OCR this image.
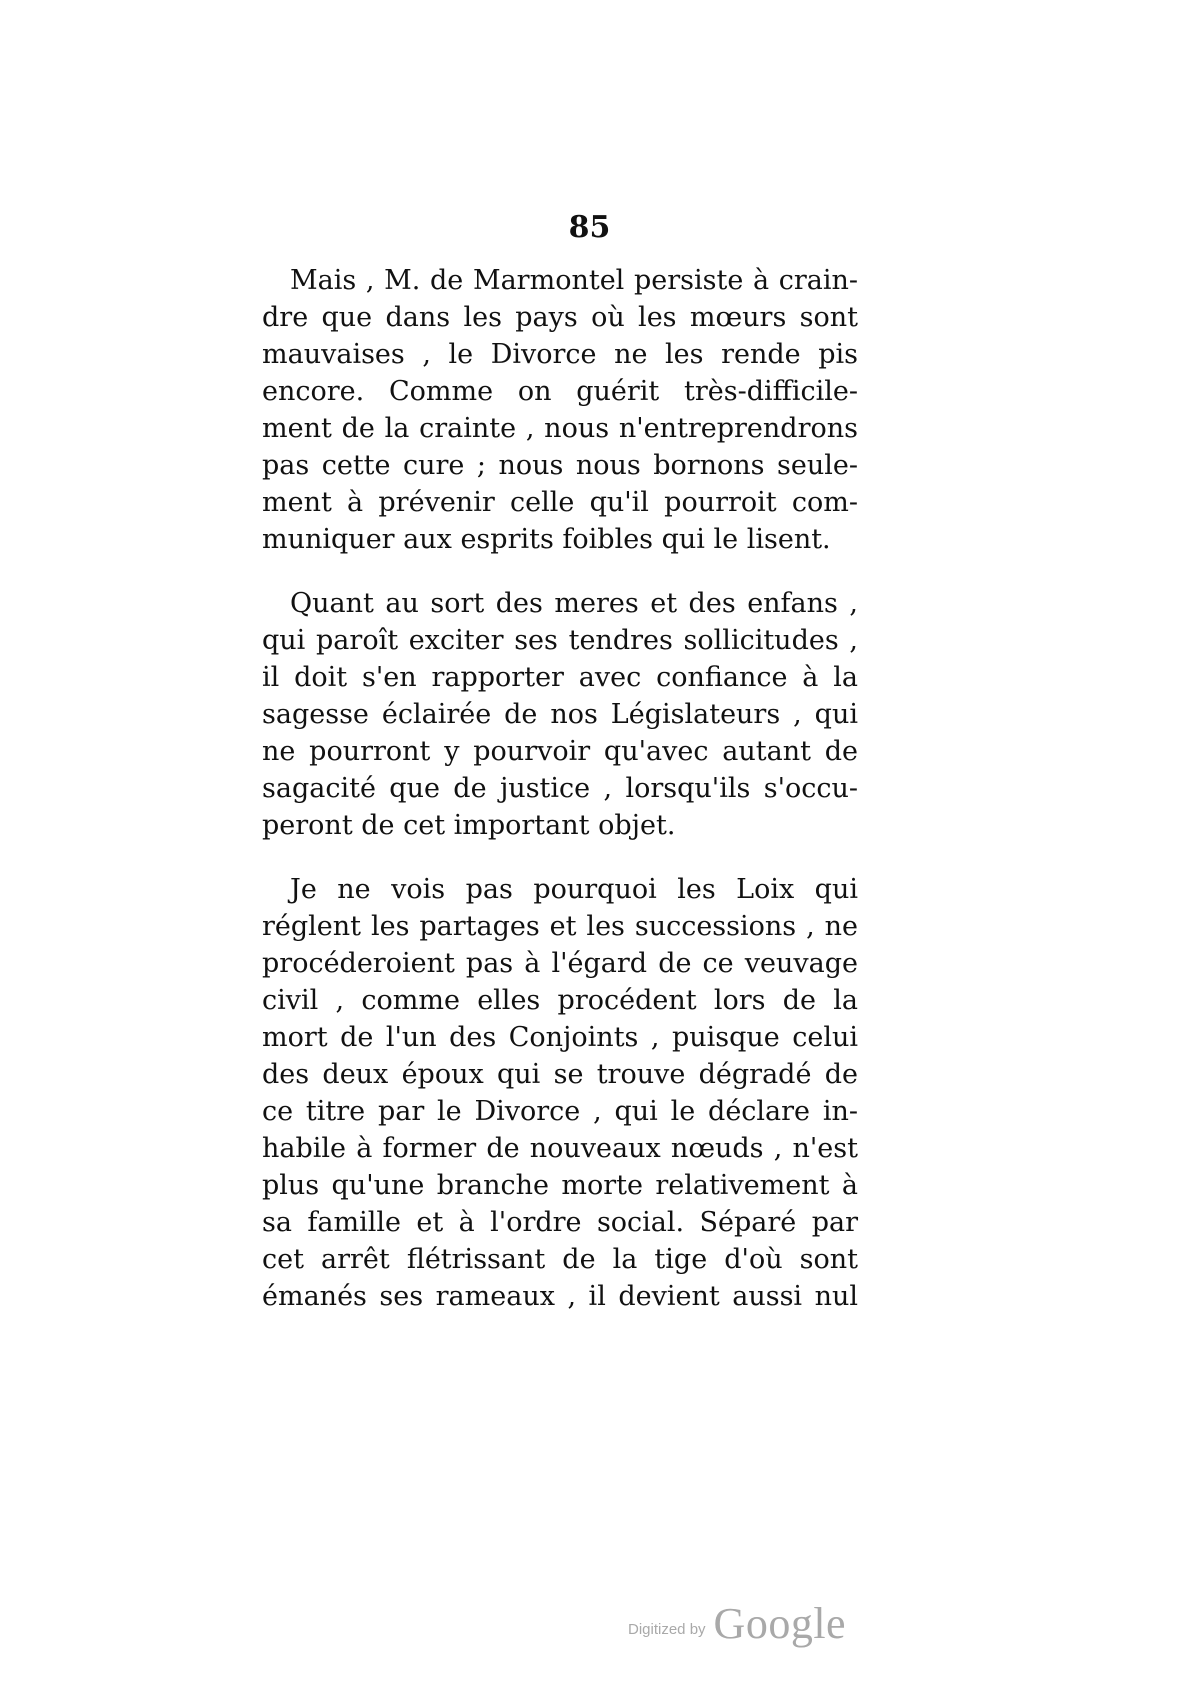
85

Mais , M. de Marmontel persiste à crain-
dre que dans les pays où les mœurs sont
mauvaises , le Divorce ne les rende pis
encore. Comme on guérit très-difficile-
ment de la crainte , nous n'entreprendrons
pas cette cure ; nous nous bornons seule-
ment à prévenir celle qu'il pourroit com-
muniquer aux esprits foibles qui le lisent.

Quant au sort des meres et des enfans ,
qui paroît exciter ses tendres sollicitudes ,
il doit s'en rapporter avec confiance à la
sagesse éclairée de nos Législateurs , qui
ne pourront y pourvoir qu'avec autant de
sagacité que de justice , lorsqu'ils s'occu-
peront de cet important objet.

Je ne vois pas pourquoi les Loix qui
réglent les partages et les successions , ne
procéderoient pas à l'égard de ce veuvage
civil , comme elles procédent lors de la
mort de l'un des Conjoints , puisque celui
des deux époux qui se trouve dégradé de
ce titre par le Divorce , qui le déclare in-
habile à former de nouveaux nœuds , n'est
plus qu'une branche morte relativement à
sa famille et à l'ordre social. Séparé par
cet arrêt flétrissant de la tige d'où sont
émanés ses rameaux , il devient aussi nul

Digitized by Google
